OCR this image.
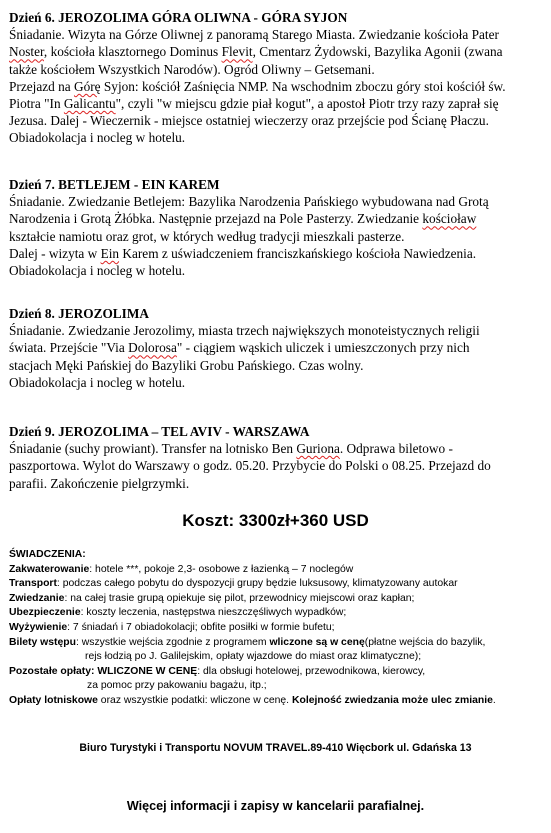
Dzień 6. JEROZOLIMA GÓRA OLIWNA - GÓRA SYJON

Śniadanie. Wizyta na Górze Oliwnej z panoramą Starego Miasta. Zwiedzanie kościoła Pater

Noster, kościoła klasztornego Dominus Flevit, Cmentarz Żydowski, Bazylika Agonii (zwana

także kościołem Wszystkich Narodów). Ogród Oliwny – Getsemani.

Przejazd na Górę Syjon: kościół Zaśnięcia NMP. Na wschodnim zboczu góry stoi kościół św.

Piotra "In Galicantu", czyli "w miejscu gdzie piał kogut", a apostoł Piotr trzy razy zaprał się

Jezusa. Dalej - Wieczernik - miejsce ostatniej wieczerzy oraz przejście pod Ścianę Płaczu.

Obiadokolacja i nocleg w hotelu.

Dzień 7. BETLEJEM - EIN KAREM

Śniadanie. Zwiedzanie Betlejem: Bazylika Narodzenia Pańskiego wybudowana nad Grotą

Narodzenia i Grotą Żłóbka. Następnie przejazd na Pole Pasterzy. Zwiedzanie kościoław

kształcie namiotu oraz grot, w których według tradycji mieszkali pasterze.

Dalej - wizyta w Ein Karem z uświadczeniem franciszkańskiego kościoła Nawiedzenia.

Obiadokolacja i nocleg w hotelu.

Dzień 8. JEROZOLIMA

Śniadanie. Zwiedzanie Jerozolimy, miasta trzech największych monoteistycznych religii

świata. Przejście "Via Dolorosa" - ciągiem wąskich uliczek i umieszczonych przy nich

stacjach Męki Pańskiej do Bazyliki Grobu Pańskiego. Czas wolny.

Obiadokolacja i nocleg w hotelu.

Dzień 9. JEROZOLIMA – TEL AVIV - WARSZAWA

Śniadanie (suchy prowiant). Transfer na lotnisko Ben Guriona. Odprawa biletowo -

paszportowa. Wylot do Warszawy o godz. 05.20. Przybycie do Polski o 08.25. Przejazd do

parafii. Zakończenie pielgrzymki.

Koszt: 3300zł+360 USD

ŚWIADCZENIA:

Zakwaterowanie: hotele ***, pokoje 2,3- osobowe z łazienką – 7 noclegów

Transport: podczas całego pobytu do dyspozycji grupy będzie luksusowy, klimatyzowany autokar

Zwiedzanie: na całej trasie grupą opiekuje się pilot, przewodnicy miejscowi oraz kapłan;

Ubezpieczenie: koszty leczenia, następstwa nieszczęśliwych wypadków;

Wyżywienie: 7 śniadań i 7 obiadokolacji; obfite posiłki w formie bufetu;

Bilety wstępu: wszystkie wejścia zgodnie z programem wliczone są w cenę(płatne wejścia do bazylik,

rejs łodzią po J. Galilejskim, opłaty wjazdowe do miast oraz klimatyczne);

Pozostałe opłaty: WLICZONE W CENĘ: dla obsługi hotelowej, przewodnikowa, kierowcy,

za pomoc przy pakowaniu bagażu, itp.;

Opłaty lotniskowe oraz wszystkie podatki: wliczone w cenę. Kolejność zwiedzania może ulec zmianie.

Biuro Turystyki i Transportu NOVUM TRAVEL.89-410 Więcbork ul. Gdańska 13
Więcej informacji i zapisy w kancelarii parafialnej.
